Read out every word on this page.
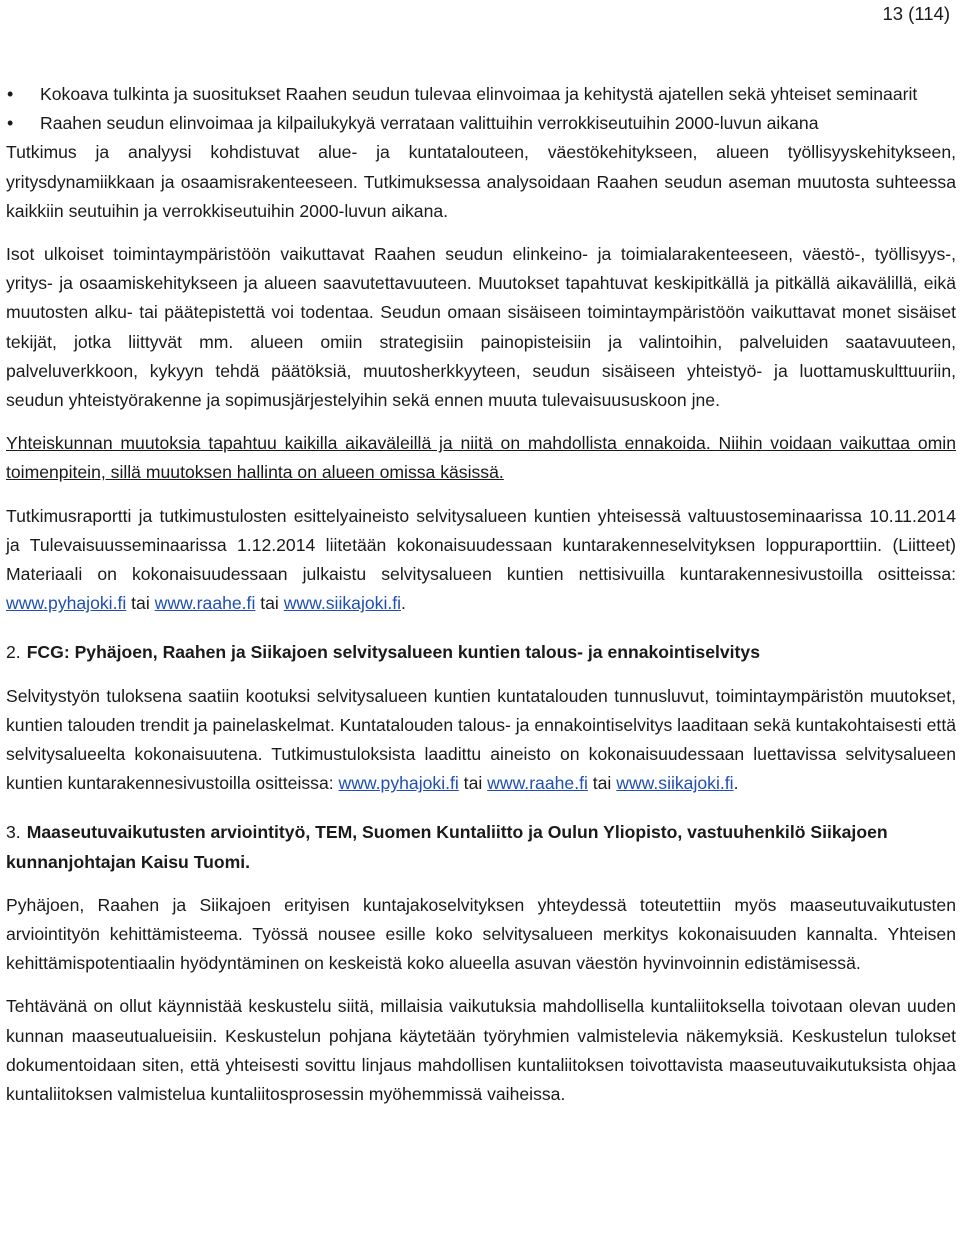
13 (114)

• Kokoava tulkinta ja suositukset Raahen seudun tulevaa elinvoimaa ja kehitystä ajatellen sekä yhteiset seminaarit

• Raahen seudun elinvoimaa ja kilpailukykyä verrataan valittuihin verrokkiseutuihin 2000-luvun aikana

Tutkimus ja analyysi kohdistuvat alue- ja kuntatalouteen, väestökehitykseen, alueen työllisyyskehitykseen, yritysdynamiikkaan ja osaamisrakenteeseen. Tutkimuksessa analysoidaan Raahen seudun aseman muutosta suhteessa kaikkiin seutuihin ja verrokkiseutuihin 2000-luvun aikana.

Isot ulkoiset toimintaympäristöön vaikuttavat Raahen seudun elinkeino- ja toimialarakenteeseen, väestö-, työllisyys-, yritys- ja osaamiskehitykseen ja alueen saavutettavuuteen. Muutokset tapahtuvat keskipitkällä ja pitkällä aikavälillä, eikä muutosten alku- tai päätepistettä voi todentaa. Seudun omaan sisäiseen toimintaympäristöön vaikuttavat monet sisäiset tekijät, jotka liittyvät mm. alueen omiin strategisiin painopisteisiin ja valintoihin, palveluiden saatavuuteen, palveluverkkoon, kykyyn tehdä päätöksiä, muutosherkkyyteen, seudun sisäiseen yhteistyö- ja luottamuskulttuuriin, seudun yhteistyörakenne ja sopimusjärjestelyihin sekä ennen muuta tulevaisuususkoon jne.

Yhteiskunnan muutoksia tapahtuu kaikilla aikaväleillä ja niitä on mahdollista ennakoida. Niihin voidaan vaikuttaa omin toimenpitein, sillä muutoksen hallinta on alueen omissa käsissä.

Tutkimusraportti ja tutkimustulosten esittelyaineisto selvitysalueen kuntien yhteisessä valtuustoseminaarissa 10.11.2014 ja Tulevaisuusseminaarissa 1.12.2014 liitetään kokonaisuudessaan kuntarakenneselvityksen loppuraporttiin. (Liitteet) Materiaali on kokonaisuudessaan julkaistu selvitysalueen kuntien nettisivuilla kuntarakennesivustoilla ositteissa: www.pyhajoki.fi tai www.raahe.fi tai www.siikajoki.fi.

2. FCG: Pyhäjoen, Raahen ja Siikajoen selvitysalueen kuntien talous- ja ennakointiselvitys

Selvitystyön tuloksena saatiin kootuksi selvitysalueen kuntien kuntatalouden tunnusluvut, toimintaympäristön muutokset, kuntien talouden trendit ja painelaskelmat. Kuntatalouden talous- ja ennakointiselvitys laaditaan sekä kuntakohtaisesti että selvitysalueelta kokonaisuutena. Tutkimustuloksista laadittu aineisto on kokonaisuudessaan luettavissa selvitysalueen kuntien kuntarakennesivustoilla ositteissa: www.pyhajoki.fi tai www.raahe.fi tai www.siikajoki.fi.

3. Maaseutuvaikutusten arviointityö, TEM, Suomen Kuntaliitto ja Oulun Yliopisto, vastuuhenkilö Siikajoen kunnanjohtajan Kaisu Tuomi.

Pyhäjoen, Raahen ja Siikajoen erityisen kuntajakoselvityksen yhteydessä toteutettiin myös maaseutuvaikutusten arviointityön kehittämisteema. Työssä nousee esille koko selvitysalueen merkitys kokonaisuuden kannalta. Yhteisen kehittämispotentiaalin hyödyntäminen on keskeistä koko alueella asuvan väestön hyvinvoinnin edistämisessä.

Tehtävänä on ollut käynnistää keskustelu siitä, millaisia vaikutuksia mahdollisella kuntaliitoksella toivotaan olevan uuden kunnan maaseutualueisiin. Keskustelun pohjana käytetään työryhmien valmistelevia näkemyksiä. Keskustelun tulokset dokumentoidaan siten, että yhteisesti sovittu linjaus mahdollisen kuntaliitoksen toivottavista maaseutuvaikutuksista ohjaa kuntaliitoksen valmistelua kuntaliitosprosessin myöhemmissä vaiheissa.
